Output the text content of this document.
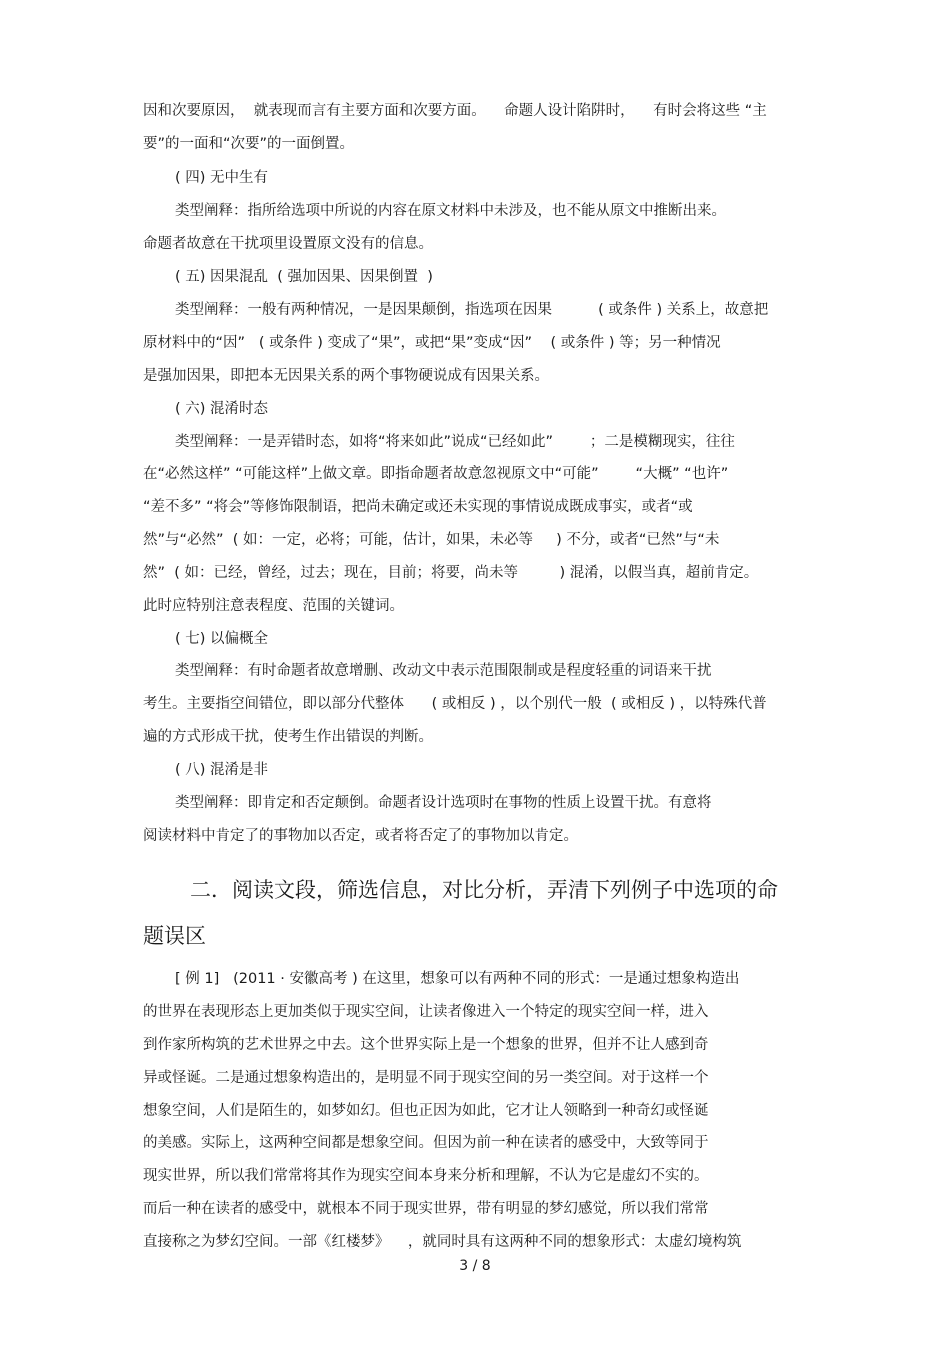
因和次要原因，  就表现而言有主要方面和次要方面。    命题人设计陷阱时，    有时会将这些 “主
要”的一面和“次要”的一面倒置。
( 四) 无中生有
类型阐释：指所给选项中所说的内容在原文材料中未涉及，也不能从原文中推断出来。
命题者故意在干扰项里设置原文没有的信息。
( 五) 因果混乱  ( 强加因果、因果倒置  )
类型阐释：一般有两种情况，一是因果颠倒，指选项在因果          ( 或条件 ) 关系上，故意把
原材料中的“因”   ( 或条件 ) 变成了“果”，或把“果”变成“因”    ( 或条件 ) 等；另一种情况
是强加因果，即把本无因果关系的两个事物硬说成有因果关系。
( 六) 混淆时态
类型阐释：一是弄错时态，如将“将来如此”说成“已经如此”        ；二是模糊现实，往往
在“必然这样” “可能这样”上做文章。即指命题者故意忽视原文中“可能”        “大概” “也许”
“差不多” “将会”等修饰限制语，把尚未确定或还未实现的事情说成既成事实，或者“或
然”与“必然”  ( 如：一定，必将；可能，估计，如果，未必等     ) 不分，或者“已然”与“未
然”  ( 如：已经，曾经，过去；现在，目前；将要，尚未等         ) 混淆，以假当真，超前肯定。
此时应特别注意表程度、范围的关键词。
( 七) 以偏概全
类型阐释：有时命题者故意增删、改动文中表示范围限制或是程度轻重的词语来干扰
考生。主要指空间错位，即以部分代整体      ( 或相反 ) ，以个别代一般  ( 或相反 ) ，以特殊代普
遍的方式形成干扰，使考生作出错误的判断。
( 八) 混淆是非
类型阐释：即肯定和否定颠倒。命题者设计选项时在事物的性质上设置干扰。有意将
阅读材料中肯定了的事物加以否定，或者将否定了的事物加以肯定。
二．阅读文段，筛选信息，对比分析，弄清下列例子中选项的命
题误区
[ 例 1]   (2011 · 安徽高考 ) 在这里，想象可以有两种不同的形式：一是通过想象构造出
的世界在表现形态上更加类似于现实空间，让读者像进入一个特定的现实空间一样，进入
到作家所构筑的艺术世界之中去。这个世界实际上是一个想象的世界，但并不让人感到奇
异或怪诞。二是通过想象构造出的，是明显不同于现实空间的另一类空间。对于这样一个
想象空间，人们是陌生的，如梦如幻。但也正因为如此，它才让人领略到一种奇幻或怪诞
的美感。实际上，这两种空间都是想象空间。但因为前一种在读者的感受中，大致等同于
现实世界，所以我们常常将其作为现实空间本身来分析和理解，不认为它是虚幻不实的。
而后一种在读者的感受中，就根本不同于现实世界，带有明显的梦幻感觉，所以我们常常
直接称之为梦幻空间。一部《红楼梦》    ，就同时具有这两种不同的想象形式：太虚幻境构筑
3 / 8
